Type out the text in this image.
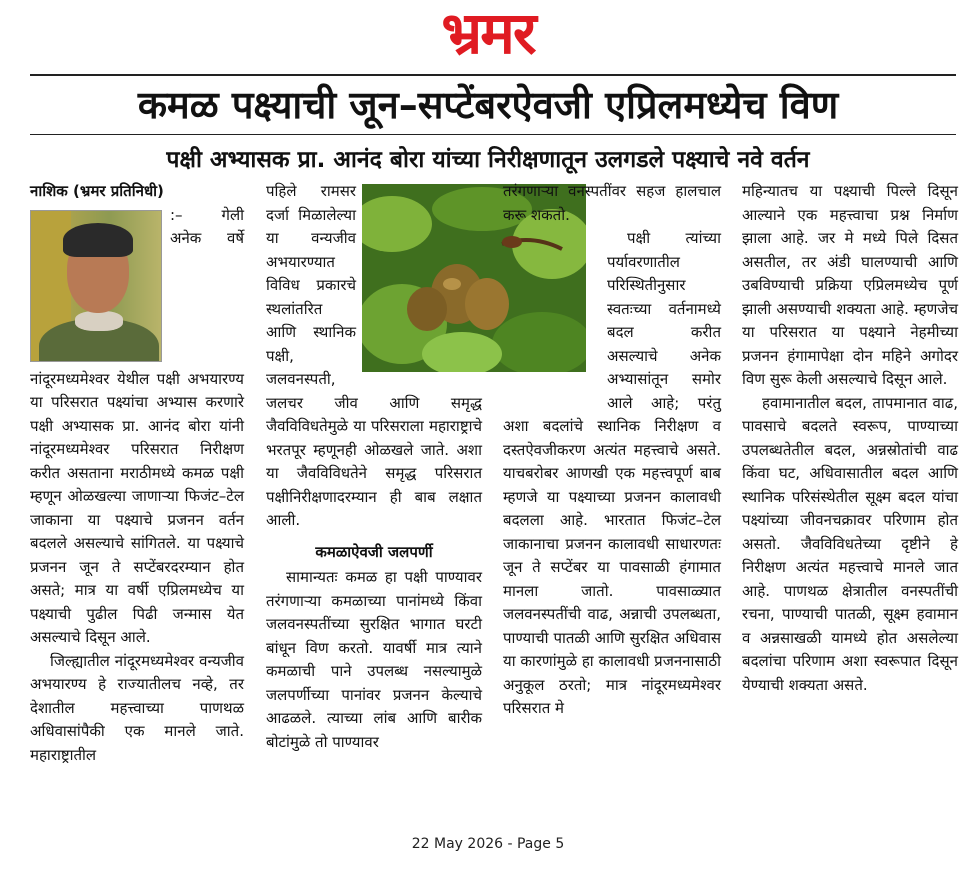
भ्रमर
कमळ पक्ष्याची जून–सप्टेंबरऐवजी एप्रिलमध्येच विण
पक्षी अभ्यासक प्रा. आनंद बोरा यांच्या निरीक्षणातून उलगडले पक्ष्याचे नवे वर्तन
नाशिक (भ्रमर प्रतिनिधी)

:– गेली अनेक वर्षे नांदूरमध्यमेश्वर येथील पक्षी अभयारण्य या परिसरात पक्ष्यांचा अभ्यास करणारे पक्षी अभ्यासक प्रा. आनंद बोरा यांनी नांदूरमध्यमेश्वर परिसरात निरीक्षण करीत असताना मराठीमध्ये कमळ पक्षी म्हणून ओळखल्या जाणाऱ्या फिजंट–टेल जाकाना या पक्ष्याचे प्रजनन वर्तन बदलले असल्याचे सांगितले. या पक्ष्याचे प्रजनन जून ते सप्टेंबरदरम्यान होत असते; मात्र या वर्षी एप्रिलमध्येच या पक्ष्याची पुढील पिढी जन्मास येत असल्याचे दिसून आले.

जिल्ह्यातील नांदूरमध्यमेश्वर वन्यजीव अभयारण्य हे राज्यातीलच नव्हे, तर देशातील महत्त्वाच्या पाणथळ अधिवासांपैकी एक मानले जाते. महाराष्ट्रातील

पहिले रामसर दर्जा मिळालेल्या या वन्यजीव अभयारण्यात विविध प्रकारचे स्थलांतरित आणि स्थानिक पक्षी, जलवनस्पती, जलचर जीव आणि समृद्ध जैवविविधतेमुळे या परिसराला महाराष्ट्राचे भरतपूर म्हणूनही ओळखले जाते. अशा या जैवविविधतेने समृद्ध परिसरात पक्षीनिरीक्षणादरम्यान ही बाब लक्षात आली.

कमळाऐवजी जलपर्णी

सामान्यतः कमळ हा पक्षी पाण्यावर तरंगणाऱ्या कमळाच्या पानांमध्ये किंवा जलवनस्पतींच्या सुरक्षित भागात घरटी बांधून विण करतो. यावर्षी मात्र त्याने कमळाची पाने उपलब्ध नसल्यामुळे जलपर्णीच्या पानांवर प्रजनन केल्याचे आढळले. त्याच्या लांब आणि बारीक बोटांमुळे तो पाण्यावर

तरंगणाऱ्या वनस्पतींवर सहज हालचाल करू शकतो.

पक्षी त्यांच्या पर्यावरणातील परिस्थितीनुसार स्वतःच्या वर्तनामध्ये बदल करीत असल्याचे अनेक अभ्यासांतून समोर आले आहे; परंतु अशा बदलांचे स्थानिक निरीक्षण व दस्तऐवजीकरण अत्यंत महत्त्वाचे असते. याचबरोबर आणखी एक महत्त्वपूर्ण बाब म्हणजे या पक्ष्याच्या प्रजनन कालावधी बदलला आहे. भारतात फिजंट–टेल जाकानाचा प्रजनन कालावधी साधारणतः जून ते सप्टेंबर या पावसाळी हंगामात मानला जातो. पावसाळ्यात जलवनस्पतींची वाढ, अन्नाची उपलब्धता, पाण्याची पातळी आणि सुरक्षित अधिवास या कारणांमुळे हा कालावधी प्रजननासाठी अनुकूल ठरतो; मात्र नांदूरमध्यमेश्वर परिसरात मे

महिन्यातच या पक्ष्याची पिल्ले दिसून आल्याने एक महत्त्वाचा प्रश्न निर्माण झाला आहे. जर मे मध्ये पिले दिसत असतील, तर अंडी घालण्याची आणि उबविण्याची प्रक्रिया एप्रिलमध्येच पूर्ण झाली असण्याची शक्यता आहे. म्हणजेच या परिसरात या पक्ष्याने नेहमीच्या प्रजनन हंगामापेक्षा दोन महिने अगोदर विण सुरू केली असल्याचे दिसून आले.

हवामानातील बदल, तापमानात वाढ, पावसाचे बदलते स्वरूप, पाण्याच्या उपलब्धतेतील बदल, अन्नस्रोतांची वाढ किंवा घट, अधिवासातील बदल आणि स्थानिक परिसंस्थेतील सूक्ष्म बदल यांचा पक्ष्यांच्या जीवनचक्रावर परिणाम होत असतो. जैवविविधतेच्या दृष्टीने हे निरीक्षण अत्यंत महत्त्वाचे मानले जात आहे. पाणथळ क्षेत्रातील वनस्पतींची रचना, पाण्याची पातळी, सूक्ष्म हवामान व अन्नसाखळी यामध्ये होत असलेल्या बदलांचा परिणाम अशा स्वरूपात दिसून येण्याची शक्यता असते.

22 May 2026 - Page 5
